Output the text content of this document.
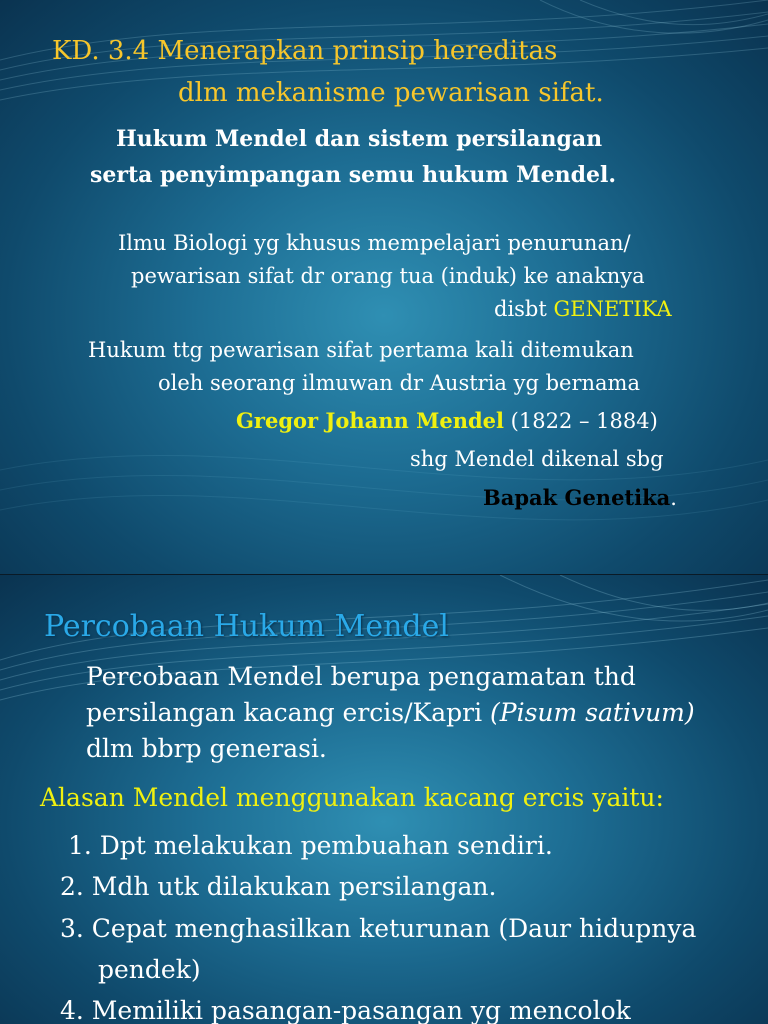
KD. 3.4 Menerapkan prinsip hereditas
dlm mekanisme pewarisan sifat.
Hukum Mendel dan sistem persilangan
serta penyimpangan semu hukum Mendel.
Ilmu Biologi yg khusus mempelajari penurunan/
pewarisan sifat dr orang tua (induk) ke anaknya
disbt GENETIKA
Hukum ttg pewarisan sifat pertama kali ditemukan
oleh seorang ilmuwan dr Austria yg bernama
Gregor Johann Mendel (1822 – 1884)
shg Mendel dikenal sbg
Bapak Genetika.
Percobaan Hukum Mendel
Percobaan Mendel berupa pengamatan thd
persilangan kacang ercis/Kapri (Pisum sativum)
dlm bbrp generasi.
Alasan Mendel menggunakan kacang ercis yaitu:
1. Dpt melakukan pembuahan sendiri.
2. Mdh utk dilakukan persilangan.
3. Cepat menghasilkan keturunan (Daur hidupnya
pendek)
4. Memiliki pasangan-pasangan yg mencolok
